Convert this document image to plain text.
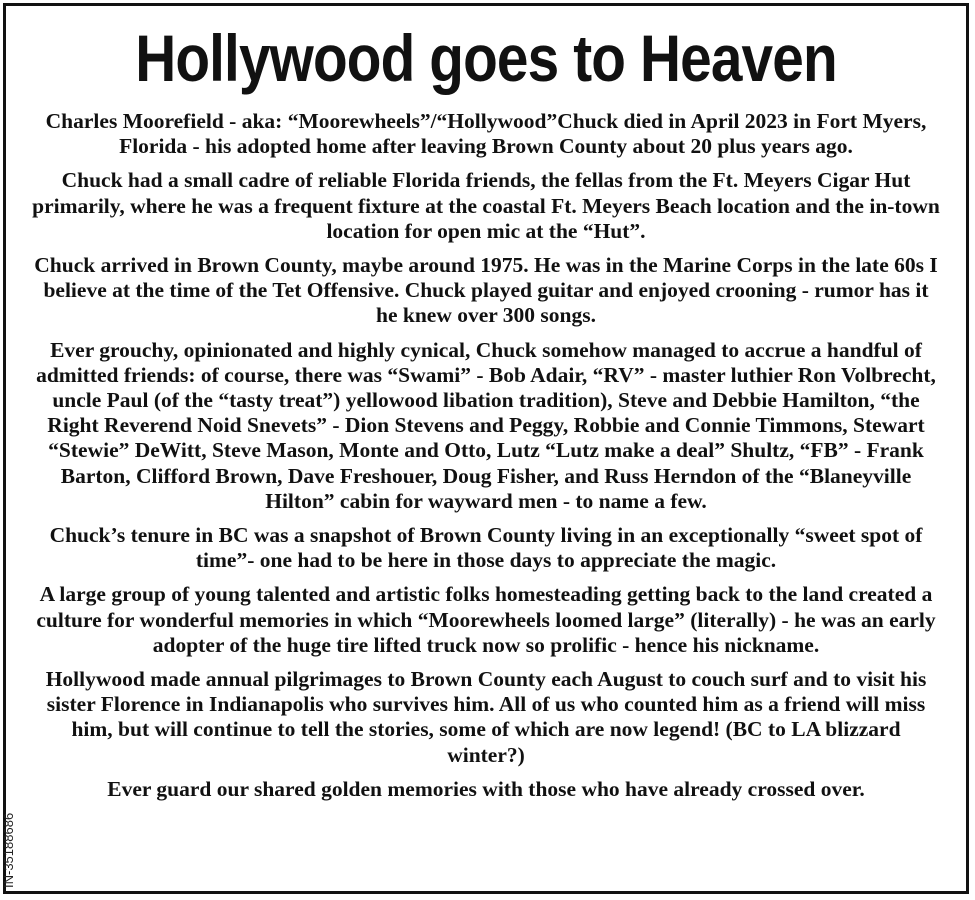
Hollywood goes to Heaven

Charles Moorefield - aka: “Moorewheels”/“Hollywood”Chuck died in April 2023 in Fort Myers, Florida - his adopted home after leaving Brown County about 20 plus years ago.

Chuck had a small cadre of reliable Florida friends, the fellas from the Ft. Meyers Cigar Hut primarily, where he was a frequent fixture at the coastal Ft. Meyers Beach location and the in-town location for open mic at the “Hut”.

Chuck arrived in Brown County, maybe around 1975. He was in the Marine Corps in the late 60s I believe at the time of the Tet Offensive. Chuck played guitar and enjoyed crooning - rumor has it he knew over 300 songs.

Ever grouchy, opinionated and highly cynical, Chuck somehow managed to accrue a handful of admitted friends: of course, there was “Swami” - Bob Adair, “RV” - master luthier Ron Volbrecht, uncle Paul (of the “tasty treat”) yellowood libation tradition), Steve and Debbie Hamilton, “the Right Reverend Noid Snevets” - Dion Stevens and Peggy, Robbie and Connie Timmons, Stewart “Stewie” DeWitt, Steve Mason, Monte and Otto, Lutz “Lutz make a deal” Shultz, “FB” - Frank Barton, Clifford Brown, Dave Freshouer, Doug Fisher, and Russ Herndon of the “Blaneyville Hilton” cabin for wayward men - to name a few.

Chuck’s tenure in BC was a snapshot of Brown County living in an exceptionally “sweet spot of time”- one had to be here in those days to appreciate the magic.

A large group of young talented and artistic folks homesteading getting back to the land created a culture for wonderful memories in which “Moorewheels loomed large” (literally) - he was an early adopter of the huge tire lifted truck now so prolific - hence his nickname.

Hollywood made annual pilgrimages to Brown County each August to couch surf and to visit his sister Florence in Indianapolis who survives him. All of us who counted him as a friend will miss him, but will continue to tell the stories, some of which are now legend! (BC to LA blizzard winter?)

Ever guard our shared golden memories with those who have already crossed over.

IN-35188686
